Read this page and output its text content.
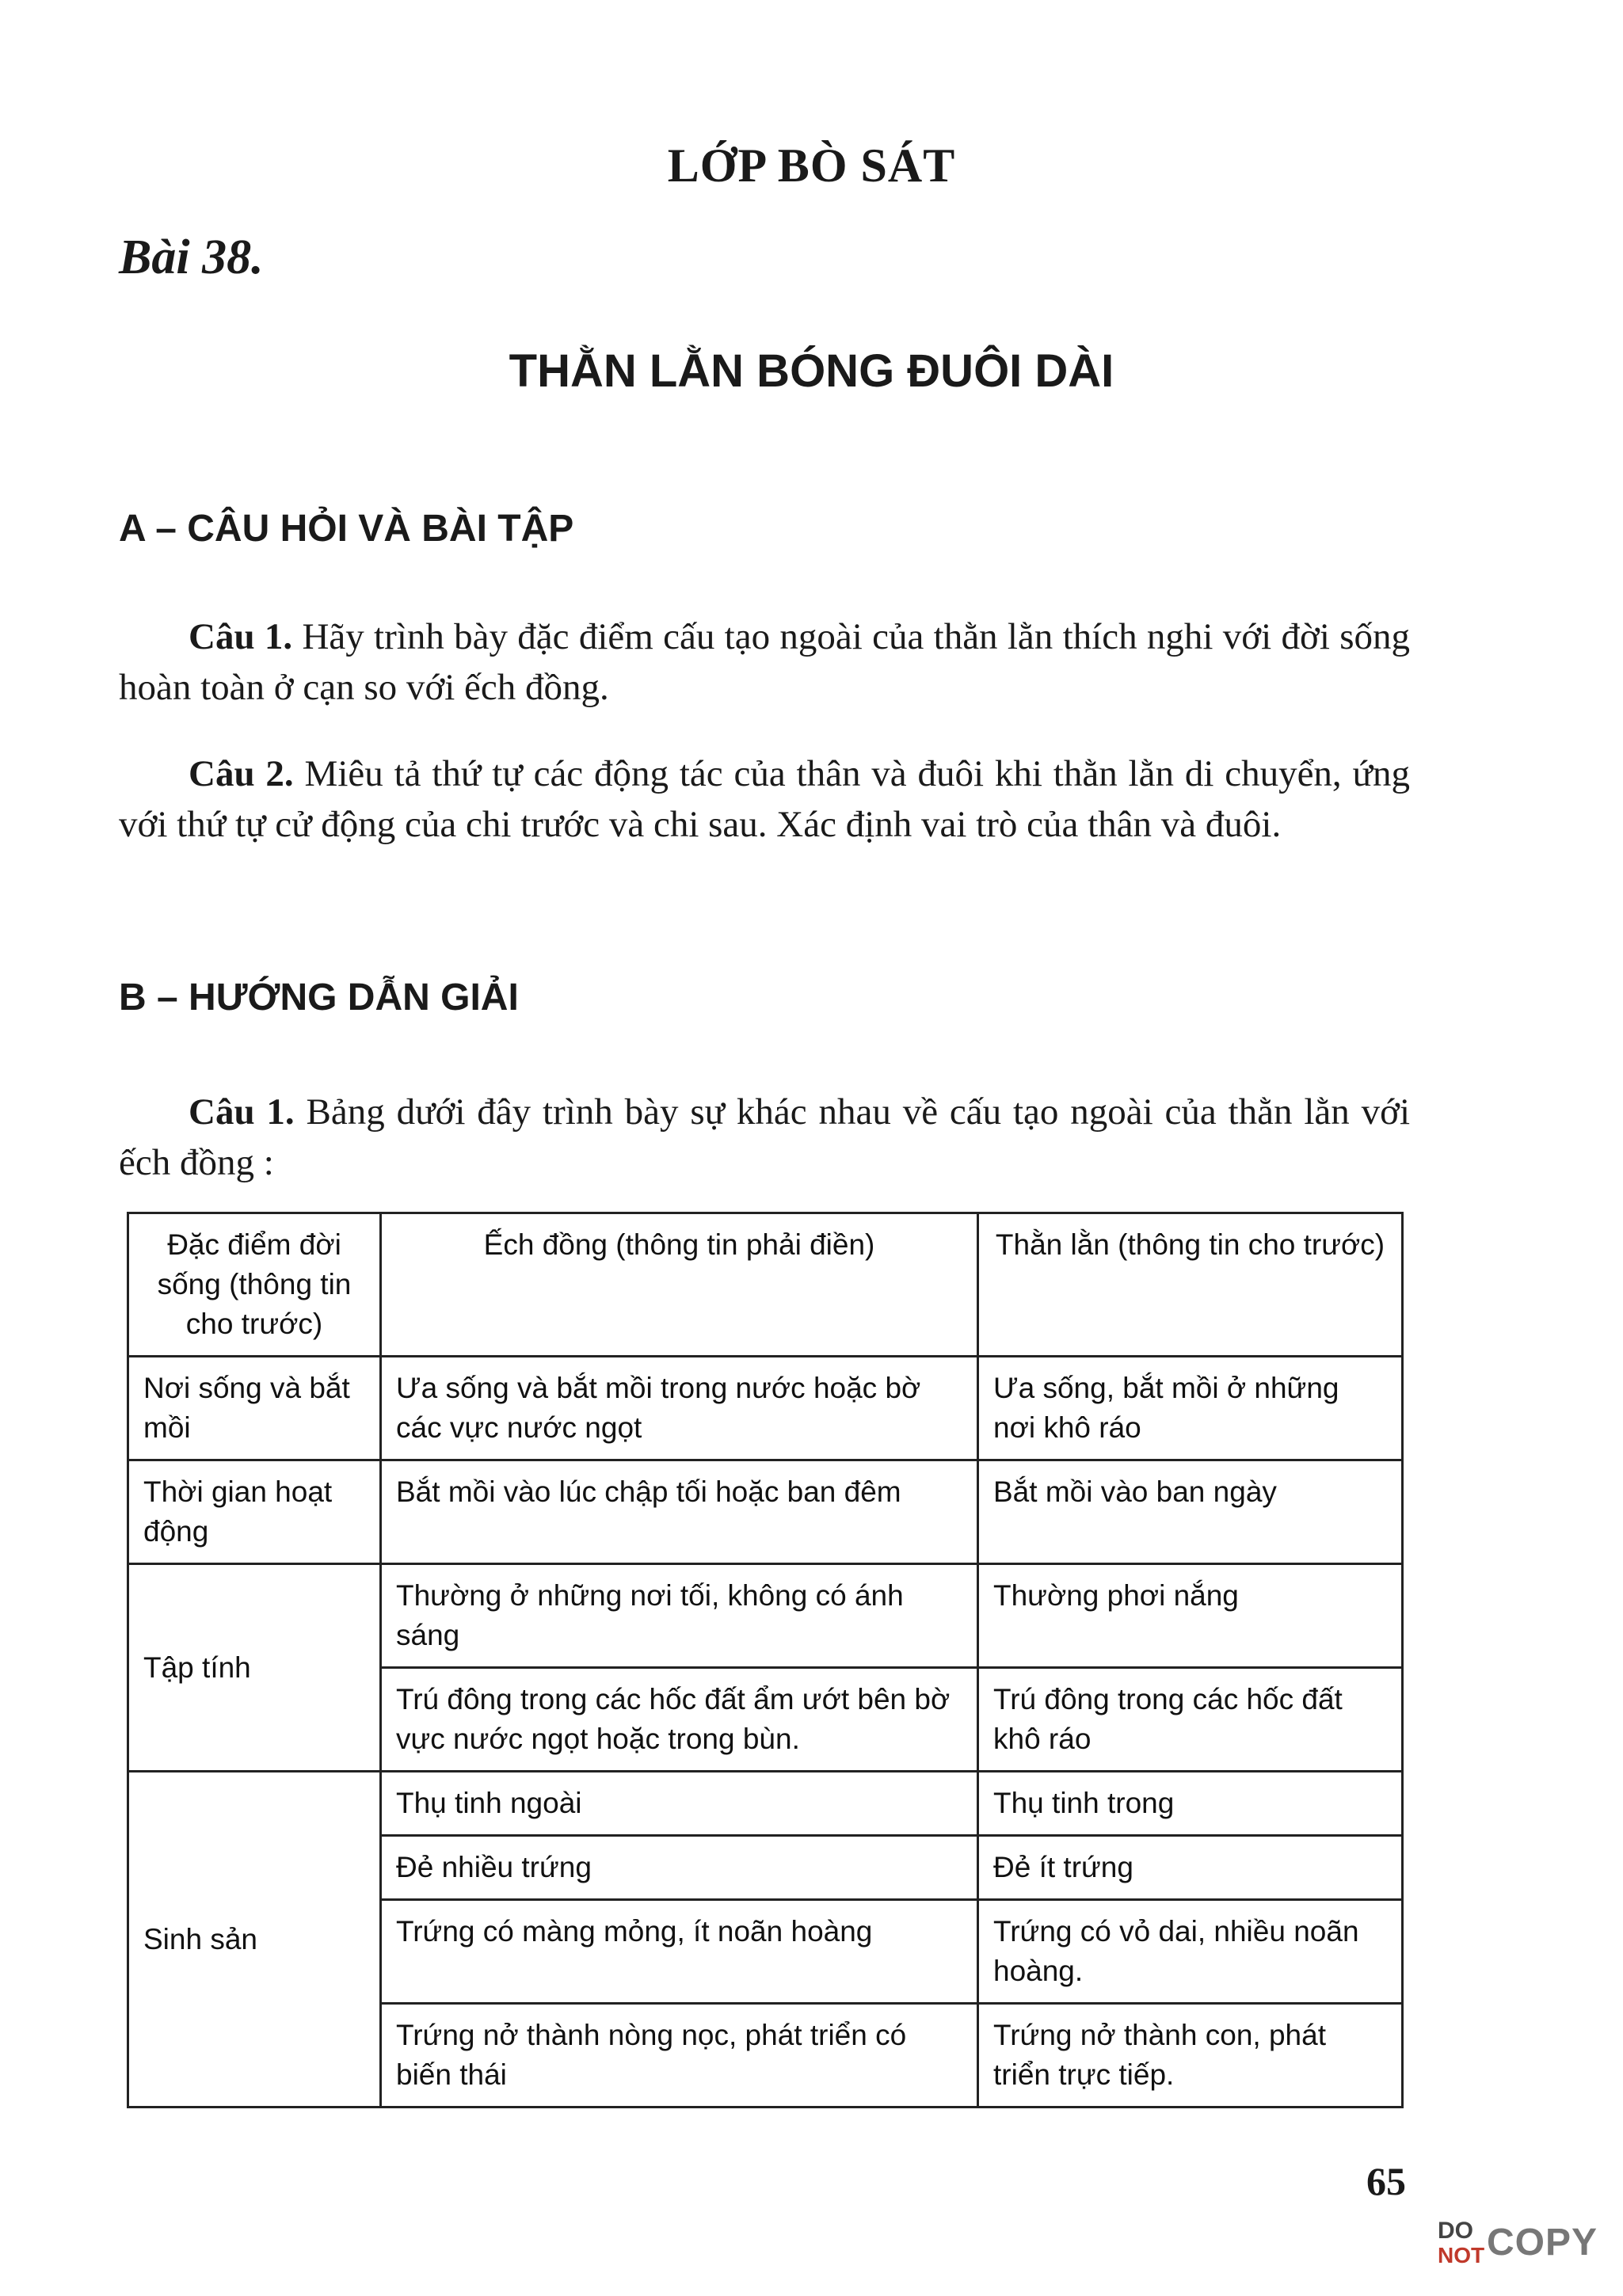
LỚP BÒ SÁT
Bài 38.
THẰN LẰN BÓNG ĐUÔI DÀI
A – CÂU HỎI VÀ BÀI TẬP
Câu 1. Hãy trình bày đặc điểm cấu tạo ngoài của thằn lằn thích nghi với đời sống hoàn toàn ở cạn so với ếch đồng.
Câu 2. Miêu tả thứ tự các động tác của thân và đuôi khi thằn lằn di chuyển, ứng với thứ tự cử động của chi trước và chi sau. Xác định vai trò của thân và đuôi.
B – HƯỚNG DẪN GIẢI
Câu 1. Bảng dưới đây trình bày sự khác nhau về cấu tạo ngoài của thằn lằn với ếch đồng :
Đặc điểm đời sống (thông tin cho trước)	Ếch đồng (thông tin phải điền)	Thằn lằn (thông tin cho trước)
Nơi sống và bắt mồi	Ưa sống và bắt mồi trong nước hoặc bờ các vực nước ngọt	Ưa sống, bắt mồi ở những nơi khô ráo
Thời gian hoạt động	Bắt mồi vào lúc chập tối hoặc ban đêm	Bắt mồi vào ban ngày
Tập tính	Thường ở những nơi tối, không có ánh sáng	Thường phơi nắng
	Trú đông trong các hốc đất ẩm ướt bên bờ vực nước ngọt hoặc trong bùn.	Trú đông trong các hốc đất khô ráo
Sinh sản	Thụ tinh ngoài	Thụ tinh trong
	Đẻ nhiều trứng	Đẻ ít trứng
	Trứng có màng mỏng, ít noãn hoàng	Trứng có vỏ dai, nhiều noãn hoàng.
	Trứng nở thành nòng nọc, phát triển có biến thái	Trứng nở thành con, phát triển trực tiếp.
65
DO
NOT COPY
